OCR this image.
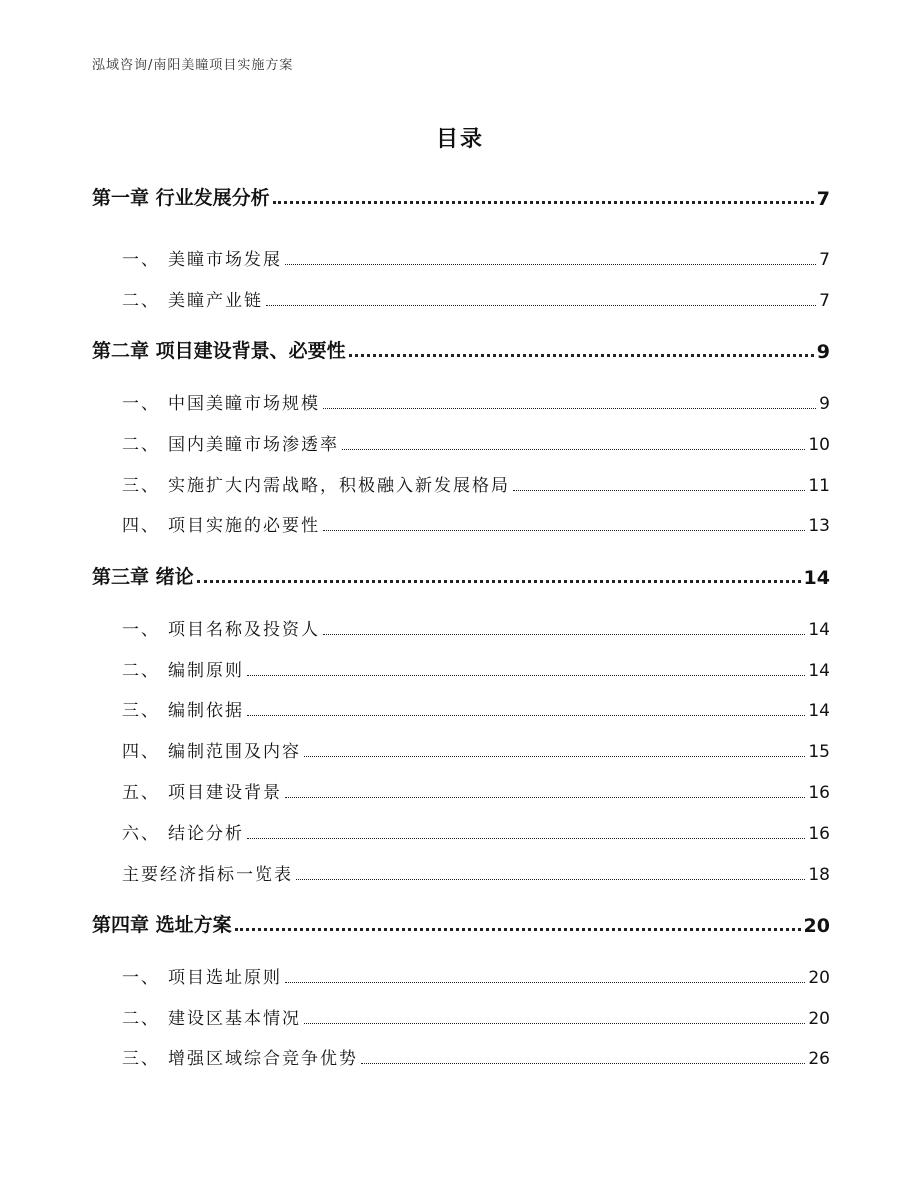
泓域咨询/南阳美瞳项目实施方案
目录
第一章 行业发展分析	7
一、 美瞳市场发展	7
二、 美瞳产业链	7
第二章 项目建设背景、必要性	9
一、 中国美瞳市场规模	9
二、 国内美瞳市场渗透率	10
三、 实施扩大内需战略，积极融入新发展格局	11
四、 项目实施的必要性	13
第三章 绪论	14
一、 项目名称及投资人	14
二、 编制原则	14
三、 编制依据	14
四、 编制范围及内容	15
五、 项目建设背景	16
六、 结论分析	16
主要经济指标一览表	18
第四章 选址方案	20
一、 项目选址原则	20
二、 建设区基本情况	20
三、 增强区域综合竞争优势	26
